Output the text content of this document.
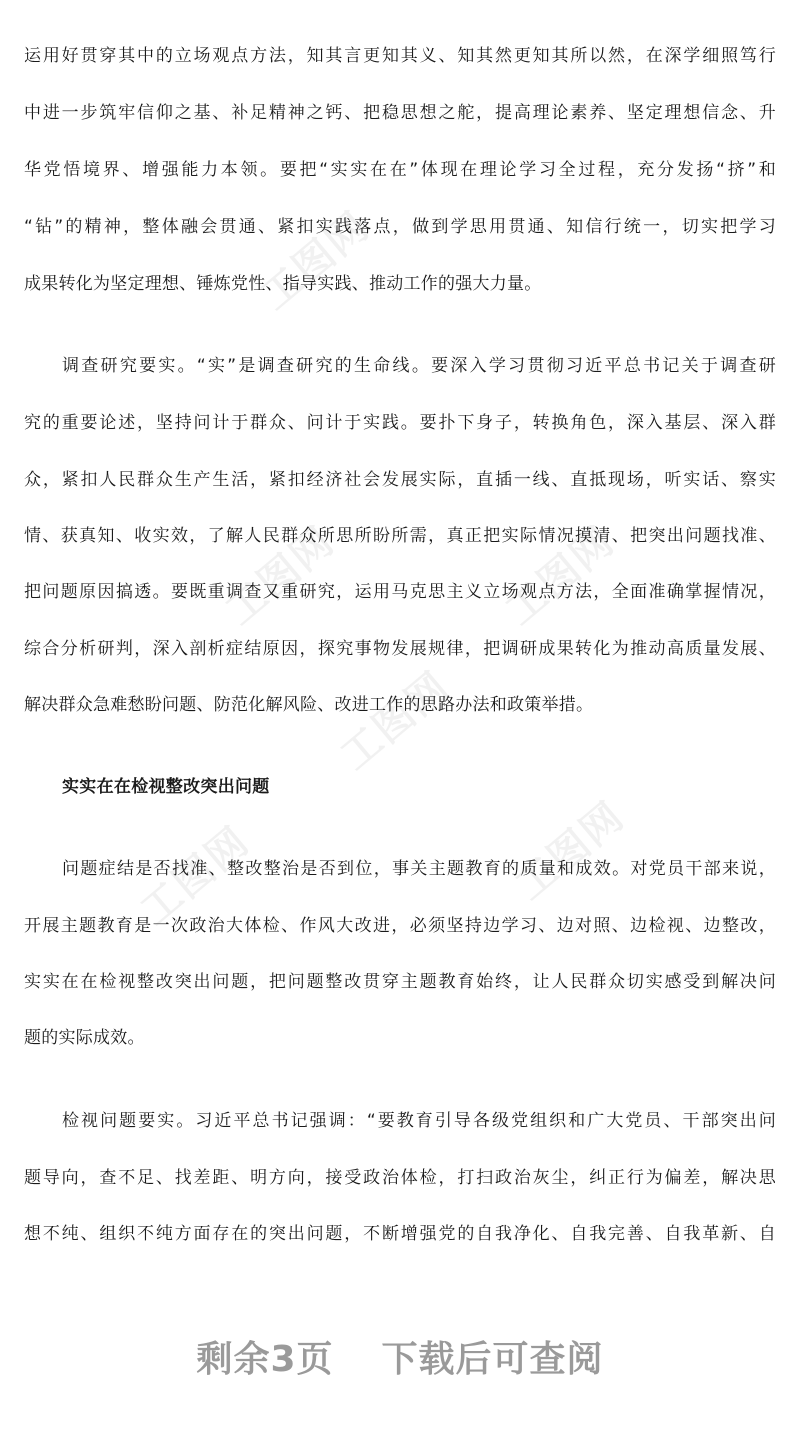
工图网	工图网
工图网
工图网	工图网
工图网
运用好贯穿其中的立场观点方法，知其言更知其义、知其然更知其所以然，在深学细照笃行
中进一步筑牢信仰之基、补足精神之钙、把稳思想之舵，提高理论素养、坚定理想信念、升
华党悟境界、增强能力本领。要把“实实在在”体现在理论学习全过程，充分发扬“挤”和
“钻”的精神，整体融会贯通、紧扣实践落点，做到学思用贯通、知信行统一，切实把学习
成果转化为坚定理想、锤炼党性、指导实践、推动工作的强大力量。
调查研究要实。“实”是调查研究的生命线。要深入学习贯彻习近平总书记关于调查研
究的重要论述，坚持问计于群众、问计于实践。要扑下身子，转换角色，深入基层、深入群
众，紧扣人民群众生产生活，紧扣经济社会发展实际，直插一线、直抵现场，听实话、察实
情、获真知、收实效，了解人民群众所思所盼所需，真正把实际情况摸清、把突出问题找准、
把问题原因搞透。要既重调查又重研究，运用马克思主义立场观点方法，全面准确掌握情况，
综合分析研判，深入剖析症结原因，探究事物发展规律，把调研成果转化为推动高质量发展、
解决群众急难愁盼问题、防范化解风险、改进工作的思路办法和政策举措。
实实在在检视整改突出问题
问题症结是否找准、整改整治是否到位，事关主题教育的质量和成效。对党员干部来说，
开展主题教育是一次政治大体检、作风大改进，必须坚持边学习、边对照、边检视、边整改，
实实在在检视整改突出问题，把问题整改贯穿主题教育始终，让人民群众切实感受到解决问
题的实际成效。
检视问题要实。习近平总书记强调：“要教育引导各级党组织和广大党员、干部突出问
题导向，查不足、找差距、明方向，接受政治体检，打扫政治灰尘，纠正行为偏差，解决思
想不纯、组织不纯方面存在的突出问题，不断增强党的自我净化、自我完善、自我革新、自
剩余3页 下载后可查阅
